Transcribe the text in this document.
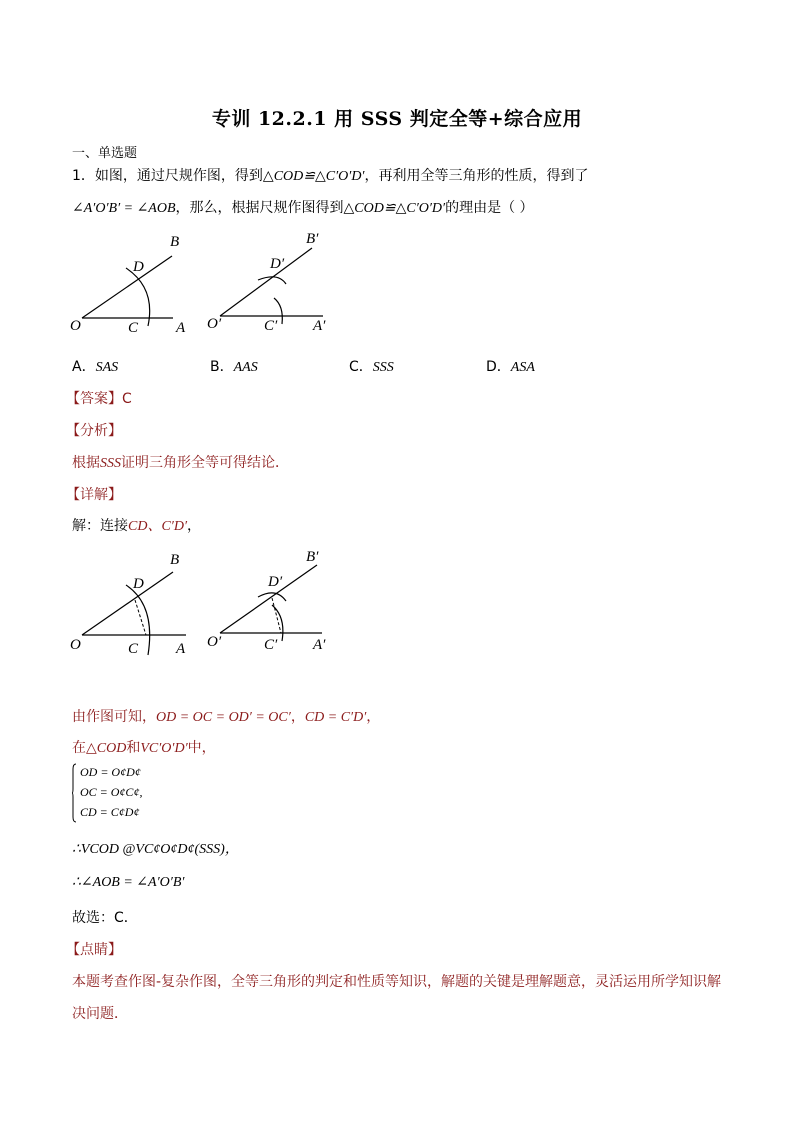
专训 12.2.1 用 SSS 判定全等+综合应用
一、单选题
1．如图，通过尺规作图，得到△COD≌△C′O′D′，再利用全等三角形的性质，得到了
∠A′O′B′ = ∠AOB，那么，根据尺规作图得到△COD≌△C′O′D′的理由是（ ）
O	A
B
C
D
O′	A′
B′
C′
D′
A．SAS	B．AAS	C．SSS	D．ASA
【答案】C
【分析】
根据SSS证明三角形全等可得结论．
【详解】
解：连接CD、C′D′，
O	A
B
C
D
O′	A′
B′
C′
D′
由作图可知，OD = OC = OD′ = OC′，CD = C′D′，
在△COD和VC′O′D′中，
OD = O¢D¢
OC = O¢C¢,
CD = C¢D¢
∴VCOD @VC¢O¢D¢(SSS)，
∴∠AOB = ∠A′O′B′
故选：C．
【点睛】
本题考查作图-复杂作图，全等三角形的判定和性质等知识，解题的关键是理解题意，灵活运用所学知识解
决问题．
